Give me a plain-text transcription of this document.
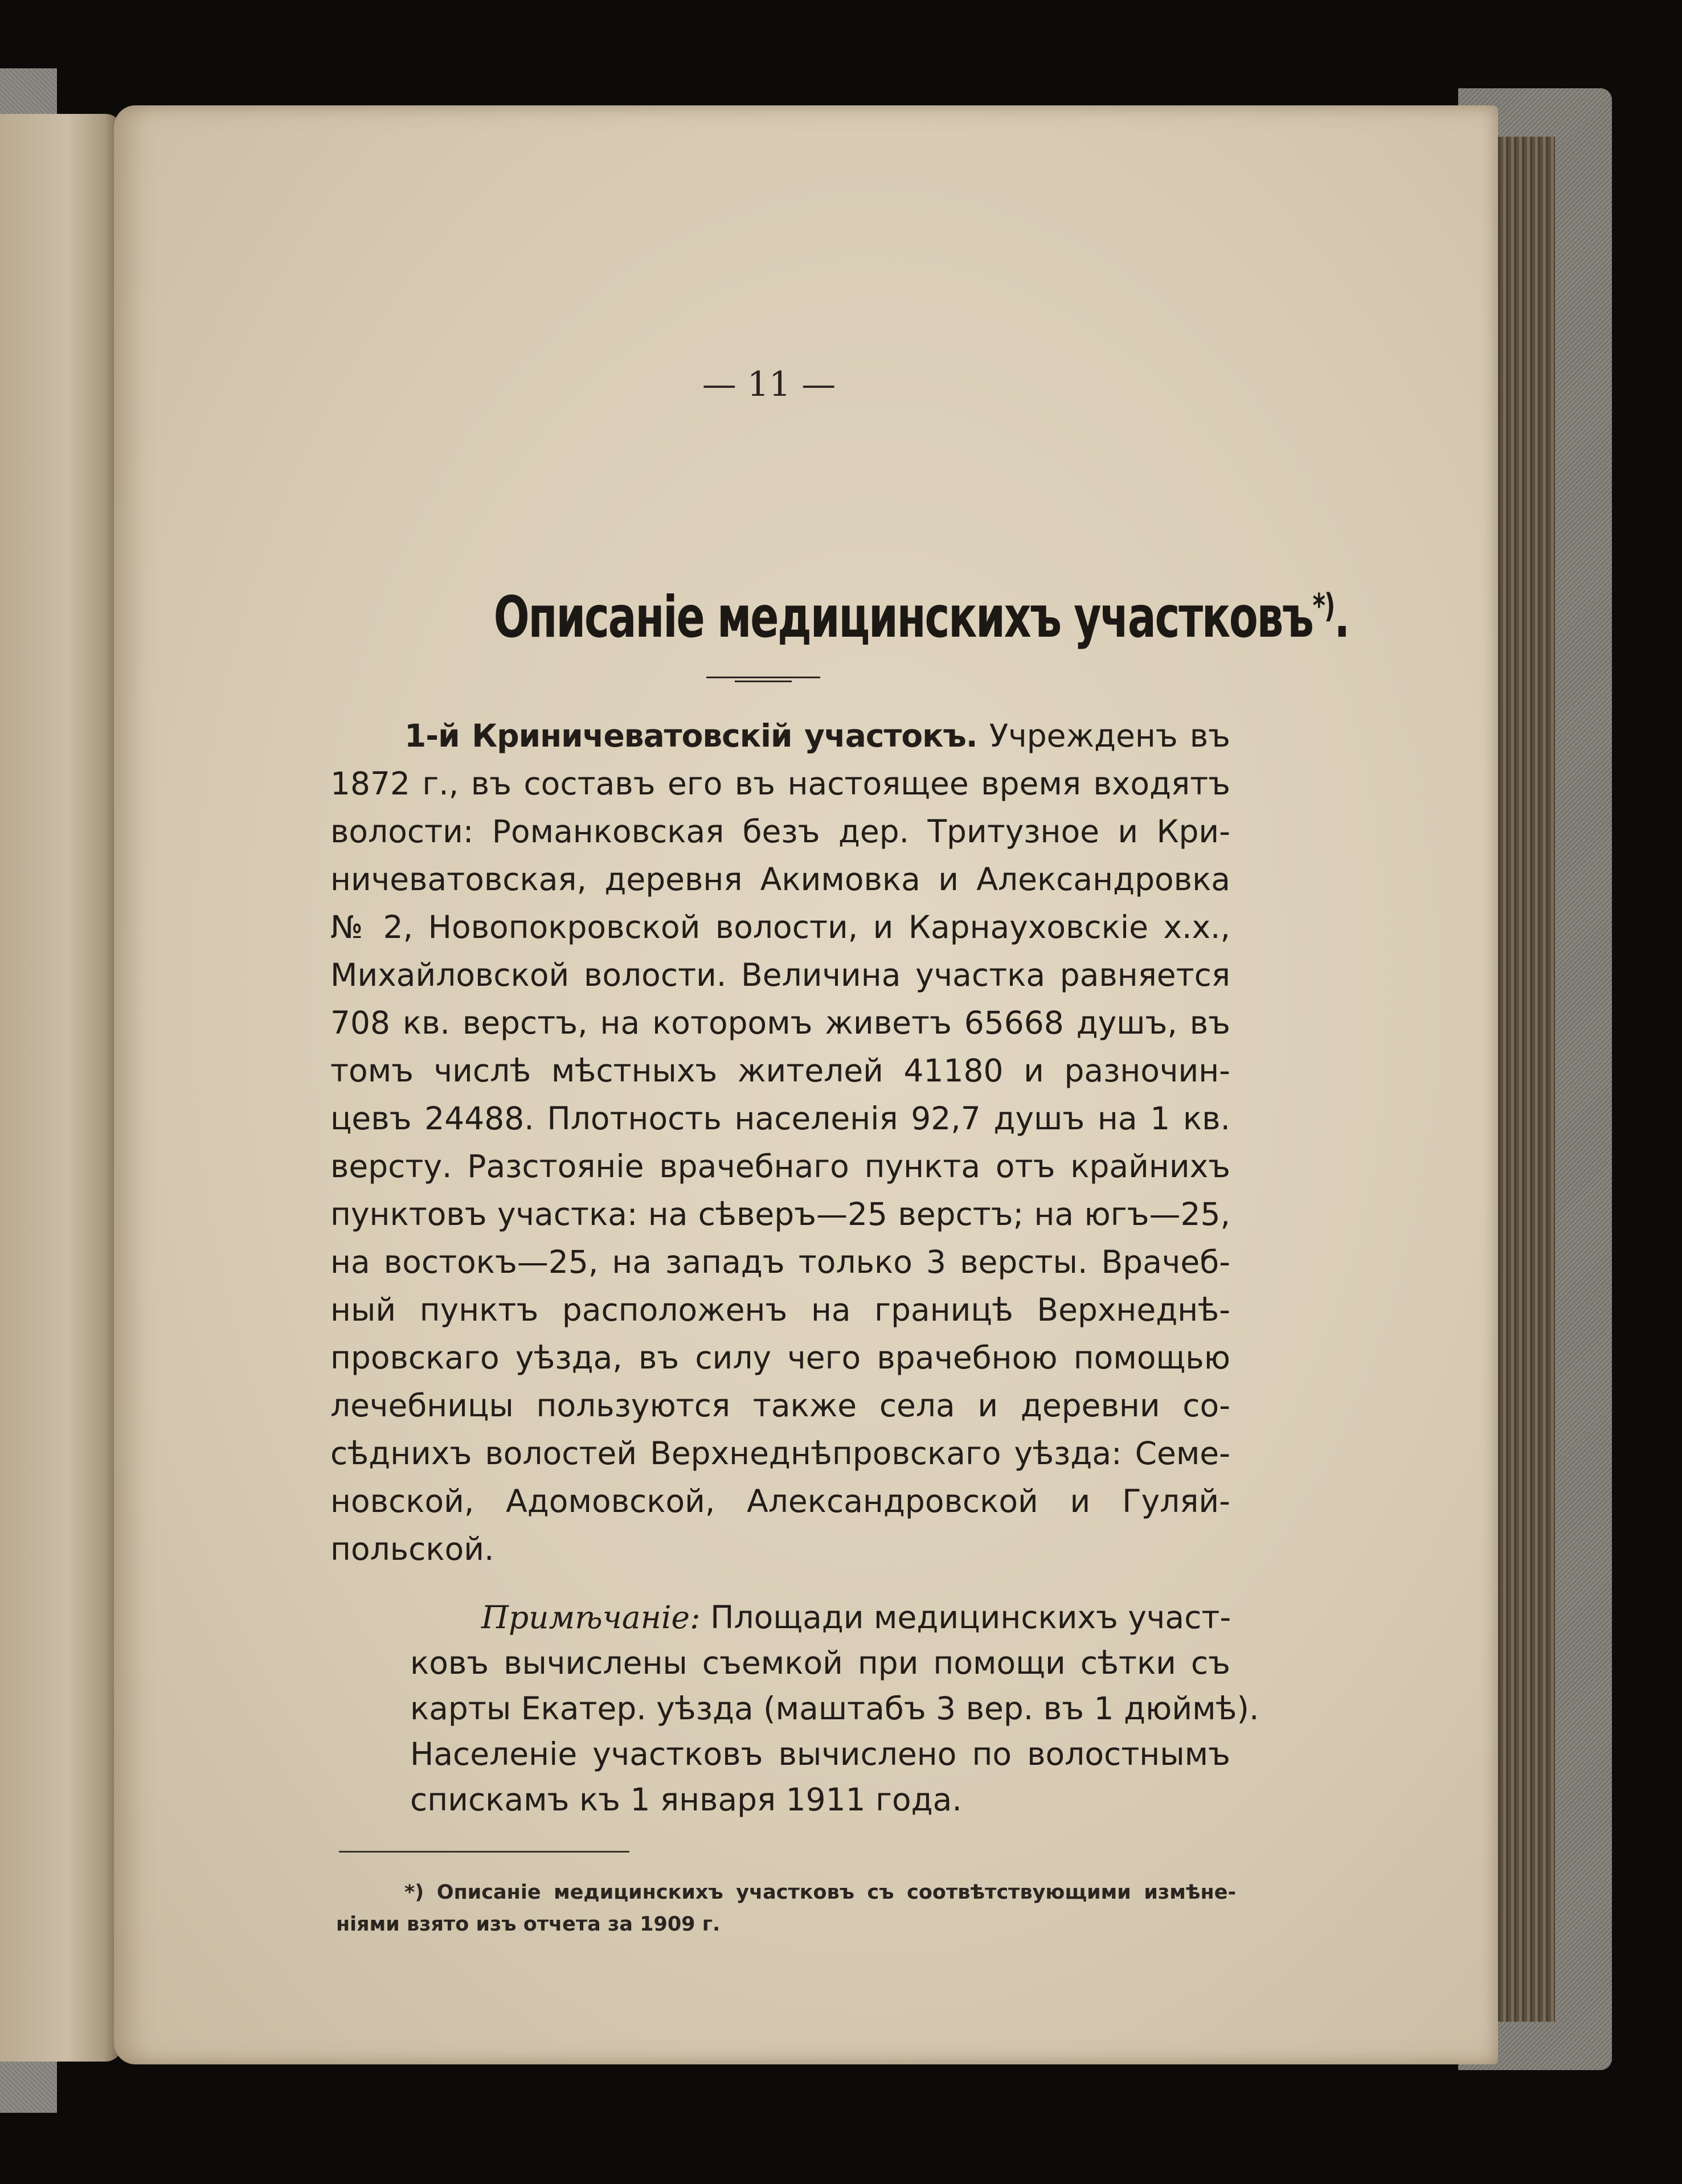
— 11 —
Описаніе медицинскихъ участковъ*).
1-й Криничеватовскій участокъ. Учрежденъ въ
1872 г., въ составъ его въ настоящее время входятъ
волости: Романковская безъ дер. Тритузное и Кри-
ничеватовская, деревня Акимовка и Александровка
№ 2, Новопокровской волости, и Карнауховскіе х.х.,
Михайловской волости. Величина участка равняется
708 кв. верстъ, на которомъ живетъ 65668 душъ, въ
томъ числѣ мѣстныхъ жителей 41180 и разночин-
цевъ 24488. Плотность населенія 92,7 душъ на 1 кв.
версту. Разстояніе врачебнаго пункта отъ крайнихъ
пунктовъ участка: на сѣверъ—25 верстъ; на югъ—25,
на востокъ—25, на западъ только 3 версты. Врачеб-
ный пунктъ расположенъ на границѣ Верхнеднѣ-
провскаго уѣзда, въ силу чего врачебною помощью
лечебницы пользуются также села и деревни со-
сѣднихъ волостей Верхнеднѣпровскаго уѣзда: Семе-
новской, Адомовской, Александровской и Гуляй-
польской.
Примѣчаніе: Площади медицинскихъ участ-
ковъ вычислены съемкой при помощи сѣтки съ
карты Екатер. уѣзда (маштабъ 3 вер. въ 1 дюймѣ).
Населеніе участковъ вычислено по волостнымъ
спискамъ къ 1 января 1911 года.
*) Описаніе медицинскихъ участковъ съ соотвѣтствующими измѣне-
ніями взято изъ отчета за 1909 г.
